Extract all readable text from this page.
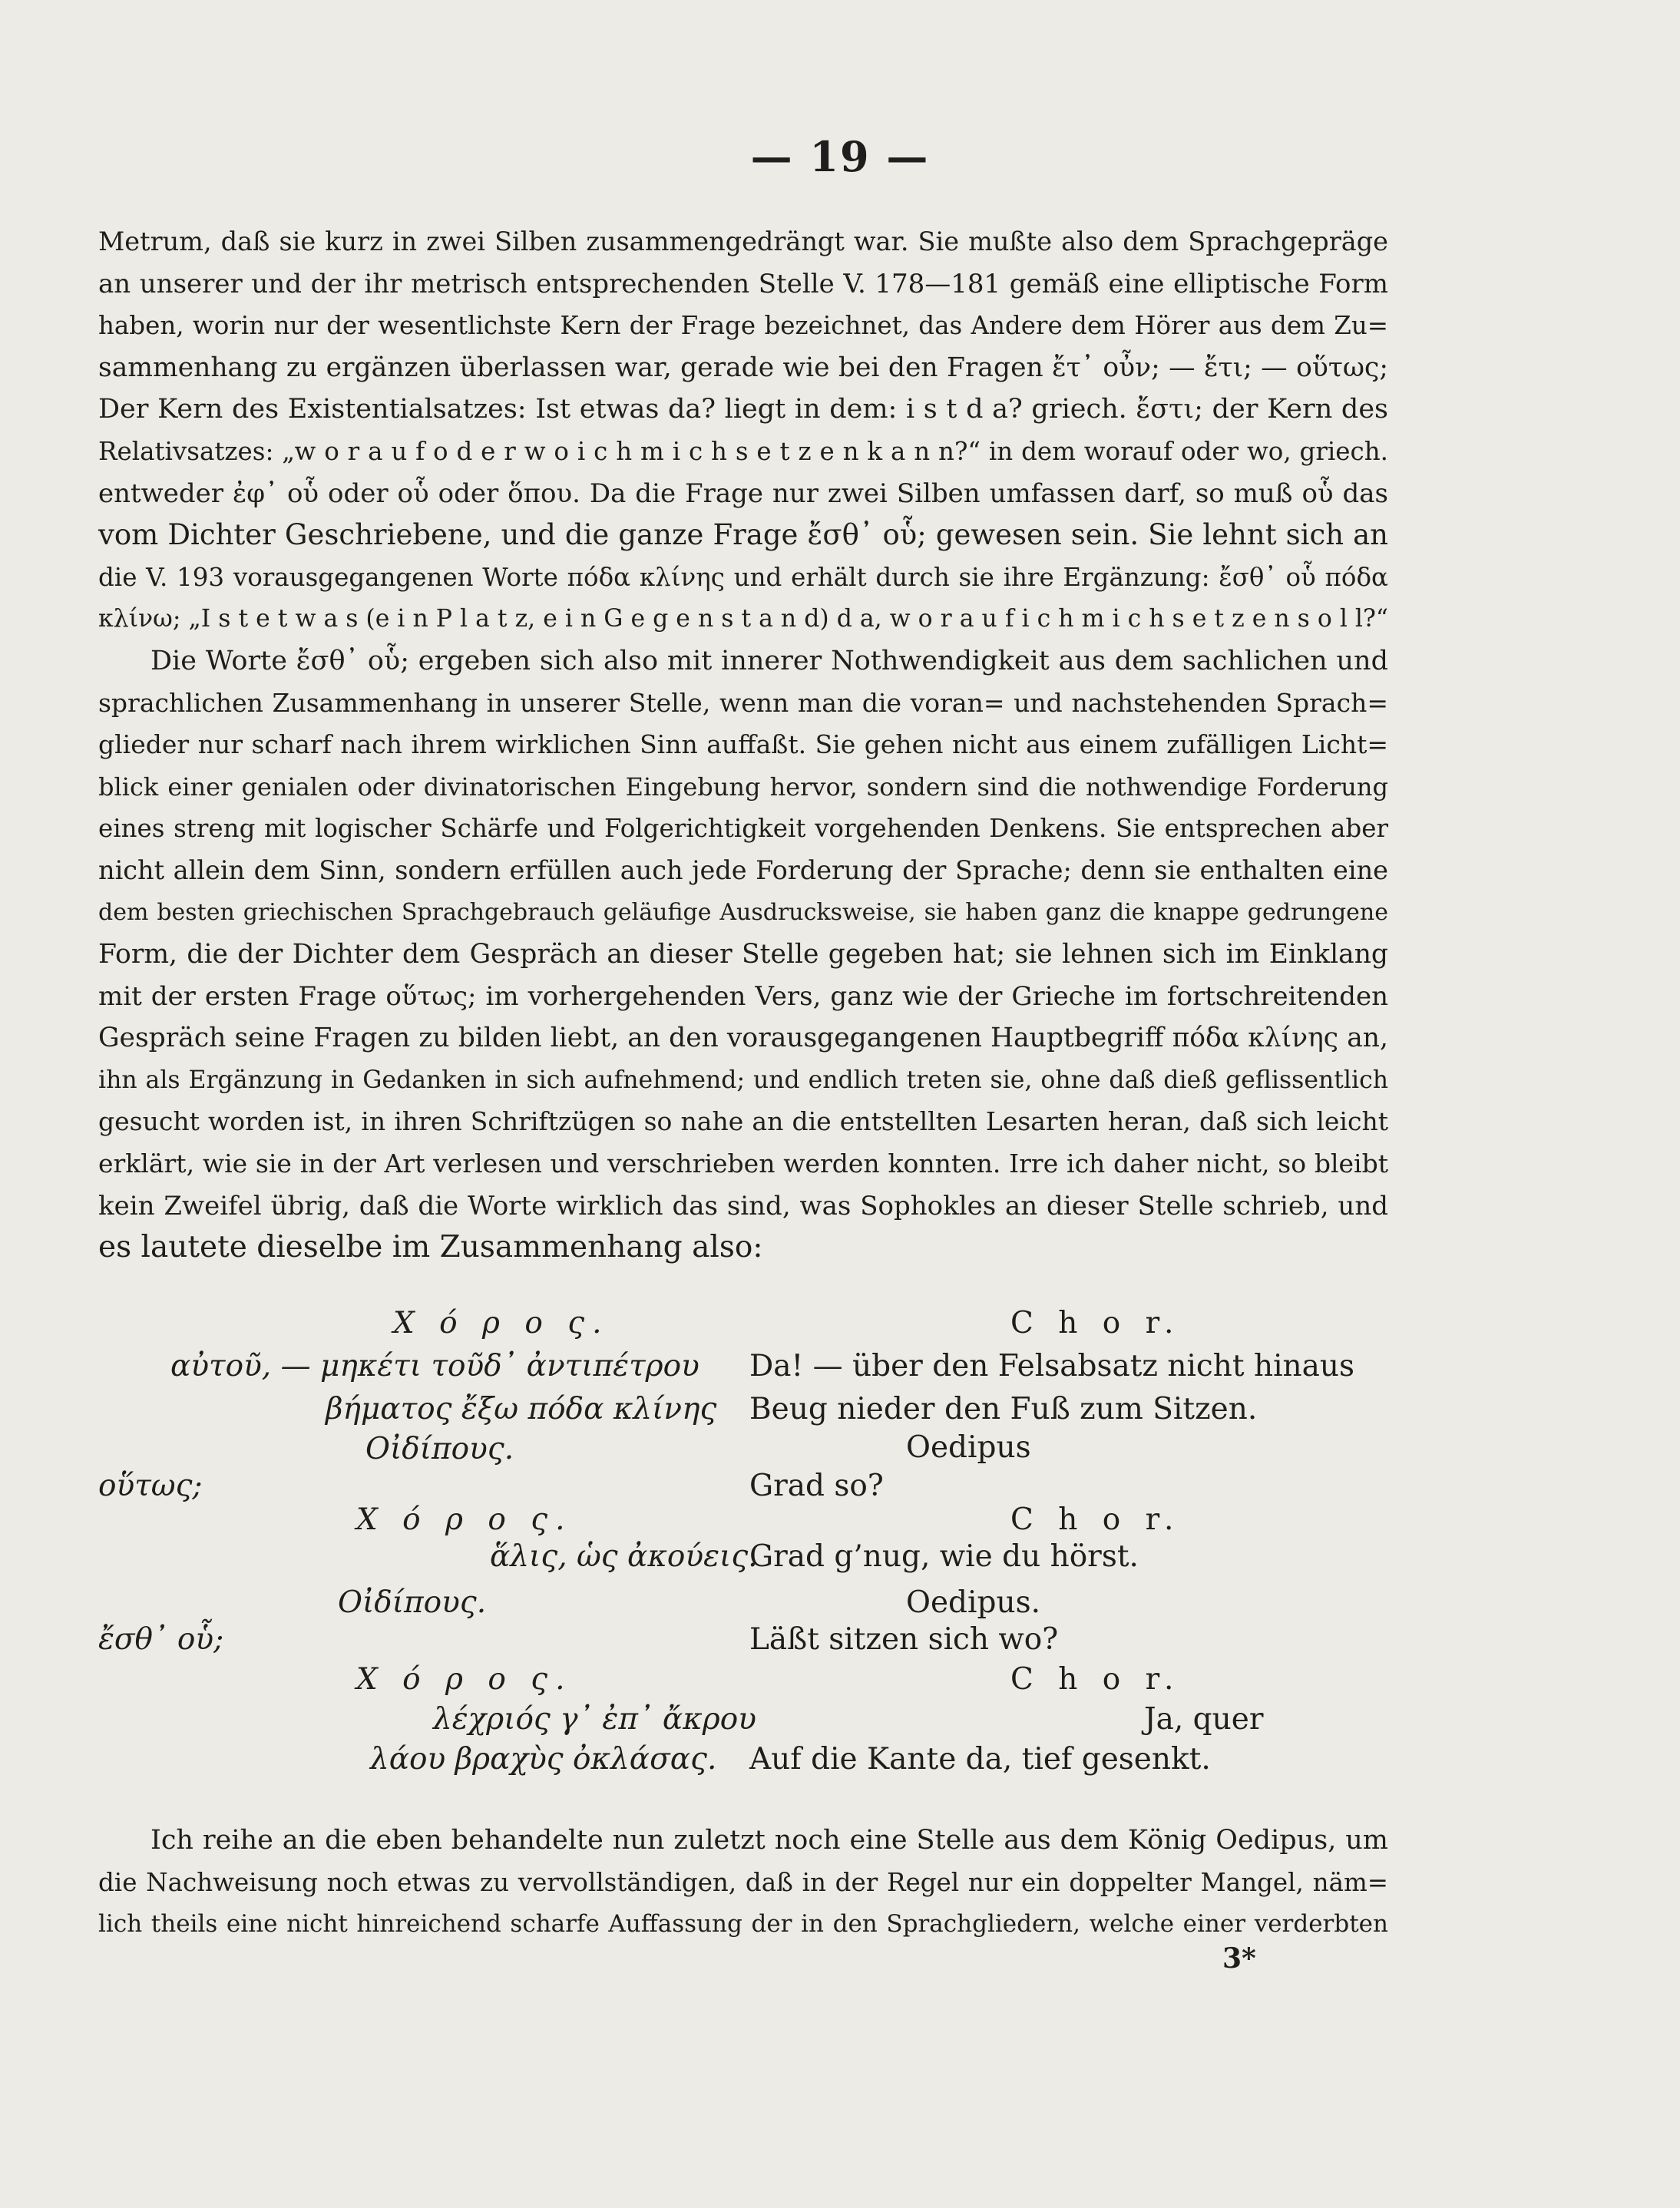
— 19 —
Metrum, daß sie kurz in zwei Silben zusammengedrängt war. Sie mußte also dem Sprachgepräge
an unserer und der ihr metrisch entsprechenden Stelle V. 178—181 gemäß eine elliptische Form
haben, worin nur der wesentlichste Kern der Frage bezeichnet, das Andere dem Hörer aus dem Zu=
sammenhang zu ergänzen überlassen war, gerade wie bei den Fragen ἔτ᾽ οὖν; — ἔτι; — οὕτως;
Der Kern des Existentialsatzes: Ist etwas da? liegt in dem: i s t d a? griech. ἔστι; der Kern des
Relativsatzes: „w o r a u f o d e r w o i c h m i c h s e t z e n k a n n?“ in dem worauf oder wo, griech.
entweder ἐφ᾽ οὗ oder οὗ oder ὅπου. Da die Frage nur zwei Silben umfassen darf, so muß οὗ das
vom Dichter Geschriebene, und die ganze Frage ἔσθ᾽ οὗ; gewesen sein. Sie lehnt sich an
die V. 193 vorausgegangenen Worte πόδα κλίνης und erhält durch sie ihre Ergänzung: ἔσθ᾽ οὗ πόδα
κλίνω; „I s t e t w a s (e i n P l a t z, e i n G e g e n s t a n d) d a, w o r a u f i c h m i c h s e t z e n s o l l?“
Die Worte ἔσθ᾽ οὗ; ergeben sich also mit innerer Nothwendigkeit aus dem sachlichen und
sprachlichen Zusammenhang in unserer Stelle, wenn man die voran= und nachstehenden Sprach=
glieder nur scharf nach ihrem wirklichen Sinn auffaßt. Sie gehen nicht aus einem zufälligen Licht=
blick einer genialen oder divinatorischen Eingebung hervor, sondern sind die nothwendige Forderung
eines streng mit logischer Schärfe und Folgerichtigkeit vorgehenden Denkens. Sie entsprechen aber
nicht allein dem Sinn, sondern erfüllen auch jede Forderung der Sprache; denn sie enthalten eine
dem besten griechischen Sprachgebrauch geläufige Ausdrucksweise, sie haben ganz die knappe gedrungene
Form, die der Dichter dem Gespräch an dieser Stelle gegeben hat; sie lehnen sich im Einklang
mit der ersten Frage οὕτως; im vorhergehenden Vers, ganz wie der Grieche im fortschreitenden
Gespräch seine Fragen zu bilden liebt, an den vorausgegangenen Hauptbegriff πόδα κλίνης an,
ihn als Ergänzung in Gedanken in sich aufnehmend; und endlich treten sie, ohne daß dieß geflissentlich
gesucht worden ist, in ihren Schriftzügen so nahe an die entstellten Lesarten heran, daß sich leicht
erklärt, wie sie in der Art verlesen und verschrieben werden konnten. Irre ich daher nicht, so bleibt
kein Zweifel übrig, daß die Worte wirklich das sind, was Sophokles an dieser Stelle schrieb, und
es lautete dieselbe im Zusammenhang also:
Χ ό ρ ο ς.
αὐτοῦ, — μηκέτι τοῦδ᾽ ἀντιπέτρου
βήματος ἔξω πόδα κλίνης
Οἰδίπους.
οὕτως;
Χ ό ρ ο ς.
ἅλις, ὡς ἀκούεις.
Οἰδίπους.
ἔσθ᾽ οὗ;
Χ ό ρ ο ς.
λέχριός γ᾽ ἐπ᾽ ἄκρου
λάου βραχὺς ὀκλάσας.
C h o r.
Da! — über den Felsabsatz nicht hinaus
Beug nieder den Fuß zum Sitzen.
Oedipus
Grad so?
C h o r.
Grad g’nug, wie du hörst.
Oedipus.
Läßt sitzen sich wo?
C h o r.
Ja, quer
Auf die Kante da, tief gesenkt.
Ich reihe an die eben behandelte nun zuletzt noch eine Stelle aus dem König Oedipus, um
die Nachweisung noch etwas zu vervollständigen, daß in der Regel nur ein doppelter Mangel, näm=
lich theils eine nicht hinreichend scharfe Auffassung der in den Sprachgliedern, welche einer verderbten
3*
